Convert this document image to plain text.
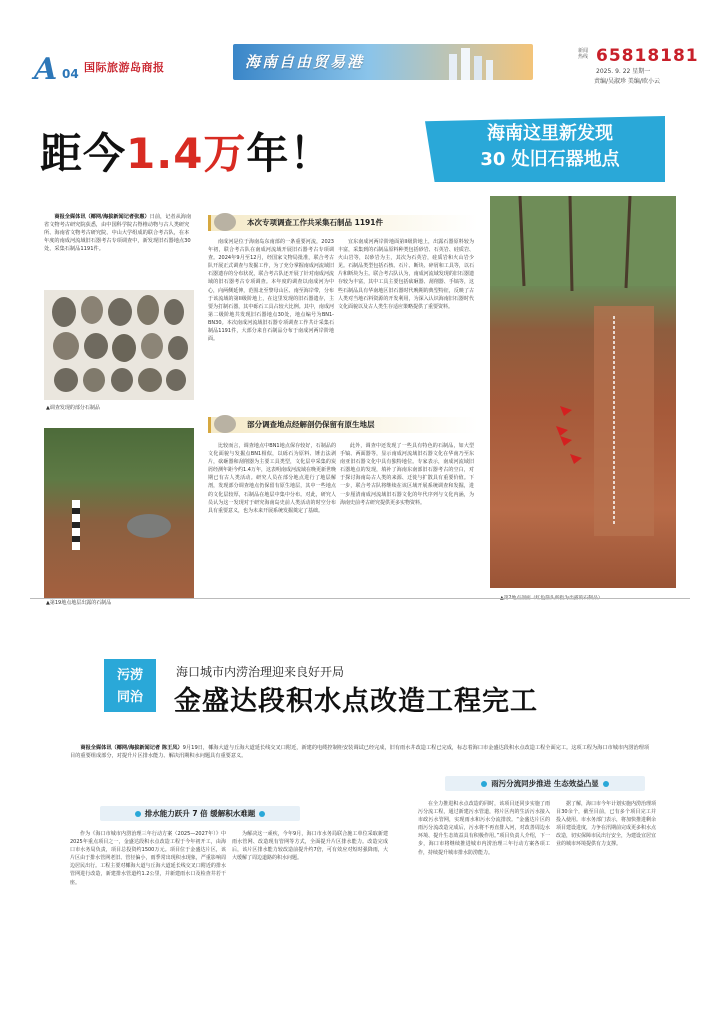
A 04 国际旅游岛商报	海南自由贸易港
新闻热线 65818181
2025. 9. 22 星期一
责编/吴淑珍 美编/欧小云
距今1.4万年！	海南这里新发现
30 处旧石器地点
商报全媒体讯（椰网/海拔新闻记者张惠）日前，记者从海南省文物考古研究院获悉，由中国科学院古脊椎动物与古人类研究所、海南省文物考古研究院、中山大学组成的联合考古队，在本年度的南成河流域旧石器考古专项调查中，新发现旧石器地点30处，采集石制品1191件。
▲调查发现的部分石制品
▲第19地点地层出露的石制品
本次专项调查工作共采集石制品 1191件
南成河是位于海南岛东南部的一条重要河流，2023年初，联合考古队在南成河流域开展旧石器考古专项调查。2024年9月至12月，经国家文物局批准，联合考古队开展正式调查与发掘工作，为了充分掌握南成河流域旧石器遗存的分布状况，联合考古队还开展了针对南成河流域的旧石器考古专项调查。本年度的调查以南成河为中心，向两侧延伸，范围北至黎母山区、南至海岸带，分布于该流域的第II级阶地上，在这里发现的旧石器遗存，主要为打制石器，其中砾石工具占较大比例。其中，南成河第二级阶地共发现旧石器地点30处，地点编号为BN1-BN30。本次南成河流域旧石器专项调查工作共计采集石制品1191件，大部分来自石制品分布于南成河两岸阶地面。
宜东南成河两岸阶地面第II级阶地上，出露石器原料较为丰富，采集到的石制品原料种类包括砂岩、石英岩、硅质岩、火山岩等，以砂岩为主，其次为石英岩，硅质岩和火山岩少见。石制品类型包括石核、石片、断块、碎屑和工具等，以石片和断块为主。联合考古队认为，南成河流域发现的旧石器遗存较为丰富，其中工具主要包括砍砸器、刮削器、手镐等，这些石制品具有华南地区旧石器时代晚期的典型特征，反映了古人类对当地石料资源的开发利用，为深入认识海南旧石器时代文化面貌以及古人类生存适应策略提供了重要资料。
部分调查地点经解剖仍保留有原生地层
比较而言，调查地点中BN1地点保存较好，石制品的文化面貌与发掘点BN1相似，以砾石为原料、锤击法剥片，砍砸器和刮削器为主要工具类型，文化层中采集的炭屑经测年距今约1.4万年，这表明南成河流域在晚更新世晚期已有古人类活动。研究人员在部分地点进行了地层解剖，发现部分调查地点仍保留有原生地层，其中一些地点的文化层较厚，石制品在地层中集中分布。对此，研究人员认为这一发现对于研究海南岛史前人类活动的时空分布具有重要意义，也为未来开展系统发掘奠定了基础。
此外，调查中还发现了一些具有特色的石制品，如大型手镐、两面器等，显示南成河流域旧石器文化在华南乃至东南亚旧石器文化中具有独特地位。专家表示，南成河流域旧石器地点的发现，填补了海南东南部旧石器考古的空白，对于探讨海南岛古人类的来源、迁徙与扩散具有重要价值。下一步，联合考古队将继续在该区域开展系统调查和发掘，进一步厘清南成河流域旧石器文化的年代序列与文化内涵，为海南史前考古研究提供更多实物资料。
污涝
同治
海口城市内涝治理迎来良好开局
金盛达段积水点改造工程完工
商报全媒体讯（椰网/海拔新闻记者 陈王凤）9月19日，椰海大道与丘海大道延长线交叉口附近，新建的电缆控制柜安装调试已经完成，旧有雨水井改造工程已完成，标志着海口市金盛达段积水点改造工程全面完工。这项工程为海口市城市内涝治理项目的重要组成部分，对提升片区排水能力、解决汛期积水问题具有重要意义。
排水能力跃升 7 倍 缓解积水难题
雨污分流同步推进 生态效益凸显
作为《海口市城市内涝治理三年行动方案（2025—2027年）》中2025年重点项目之一，金盛达段积水点改造工程于今年初开工，由海口市水务局负责，项目总投资约1500万元。项目位于金盛达片区，该片区由于排水管网老旧、管径偏小，雨季常出现积水现象，严重影响周边居民出行。工程主要对椰海大道与丘海大道延长线交叉口附近的排水管网进行改造，新建排水管道约1.2公里，并新建雨水口及检查井若干座。
为解决这一顽疾，今年9月，海口市水务局联合施工单位采取新建雨水管网、改造现有管网等方式，全面提升片区排水能力。改造完成后，该片区排水能力较改造前提升约7倍，可有效应对短时强降雨，大大缓解了周边道路的积水问题。
在全力推进积水点改造的同时，该项目还同步实施了雨污分流工程，通过新建污水管道，将片区内的生活污水接入市政污水管网，实现雨水和污水分流排放。“金盛达片区的雨污分流改造完成后，污水将不再直排入河，对改善周边水环境、提升生态效益具有积极作用。”项目负责人介绍，下一步，海口市将继续推进城市内涝治理三年行动方案各项工作，持续提升城市排水防涝能力。
据了解，海口市今年计划实施内涝治理项目30余个，截至目前，已有多个项目完工并投入使用。市水务部门表示，将加快推进剩余项目建设进度，力争在汛期前完成更多积水点改造，切实保障市民出行安全，为建设宜居宜业的城市环境提供有力支撑。
